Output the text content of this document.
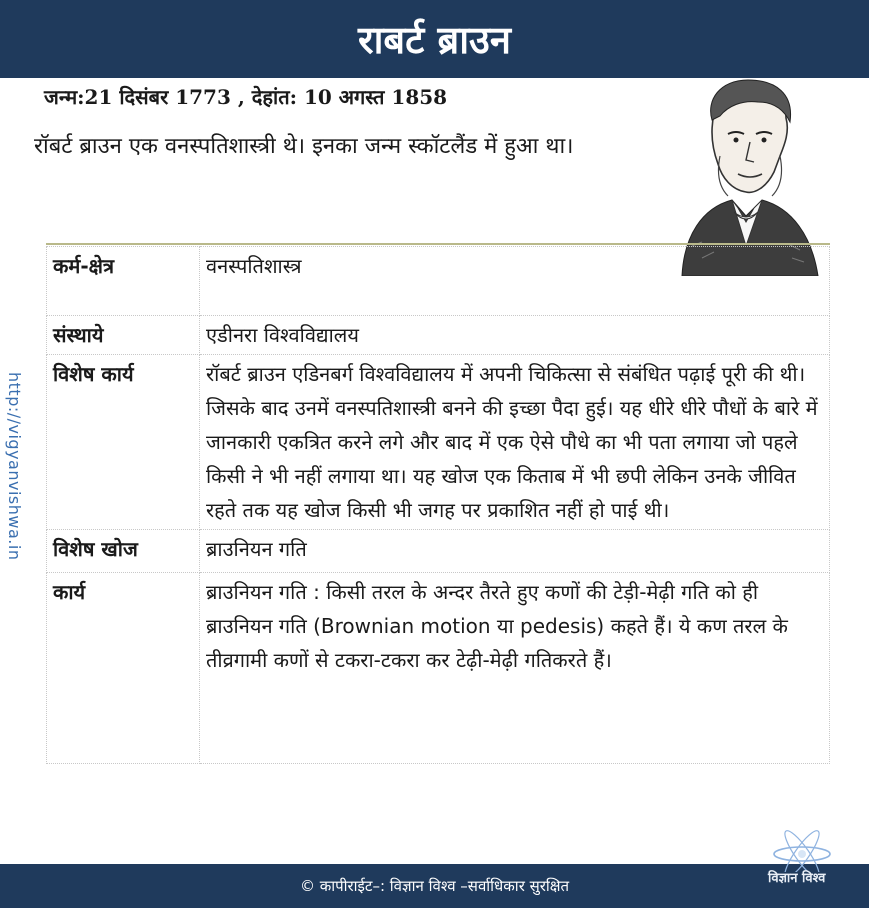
राबर्ट ब्राउन
जन्म:21 दिसंबर 1773 , देहांत: 10 अगस्त 1858
रॉबर्ट ब्राउन एक वनस्पतिशास्त्री थे। इनका जन्म स्कॉटलैंड में हुआ था।
कर्म-क्षेत्र	वनस्पतिशास्त्र
संस्थाये	एडीनरा विश्वविद्यालय
विशेष कार्य	रॉबर्ट ब्राउन एडिनबर्ग विश्वविद्यालय में अपनी चिकित्सा से संबंधित पढ़ाई पूरी की थी। जिसके बाद उनमें वनस्पतिशास्त्री बनने की इच्छा पैदा हुई। यह धीरे धीरे पौधों के बारे में जानकारी एकत्रित करने लगे और बाद में एक ऐसे पौधे का भी पता लगाया जो पहले किसी ने भी नहीं लगाया था। यह खोज एक किताब में भी छपी लेकिन उनके जीवित रहते तक यह खोज किसी भी जगह पर प्रकाशित नहीं हो पाई थी।
विशेष खोज	ब्राउनियन गति
कार्य	ब्राउनियन गति : किसी तरल के अन्दर तैरते हुए कणों की टेड़ी-मेढ़ी गति को ही ब्राउनियन गति (Brownian motion या pedesis) कहते हैं। ये कण तरल के तीव्रगामी कणों से टकरा-टकरा कर टेढ़ी-मेढ़ी गतिकरते हैं।
http://vigyanvishwa.in
© कापीराईट–: विज्ञान विश्व –सर्वाधिकार सुरक्षित	विज्ञान विश्व
